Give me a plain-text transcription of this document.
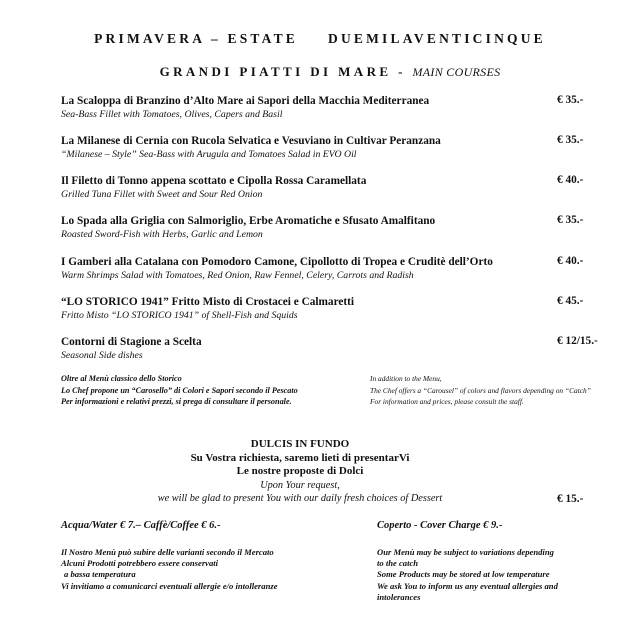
PRIMAVERA – ESTATE DUEMILAVENTICINQUE
GRANDI PIATTI DI MARE - MAIN COURSES
La Scaloppa di Branzino d’Alto Mare ai Sapori della Macchia Mediterranea
Sea-Bass Fillet with Tomatoes, Olives, Capers and Basil
€ 35.-
La Milanese di Cernia con Rucola Selvatica e Vesuviano in Cultivar Peranzana
“Milanese – Style” Sea-Bass with Arugula and Tomatoes Salad in EVO Oil
€ 35.-
Il Filetto di Tonno appena scottato e Cipolla Rossa Caramellata
Grilled Tuna Fillet with Sweet and Sour Red Onion
€ 40.-
Lo Spada alla Griglia con Salmoriglio, Erbe Aromatiche e Sfusato Amalfitano
Roasted Sword-Fish with Herbs, Garlic and Lemon
€ 35.-
I Gamberi alla Catalana con Pomodoro Camone, Cipollotto di Tropea e Cruditè dell’Orto
Warm Shrimps Salad with Tomatoes, Red Onion, Raw Fennel, Celery, Carrots and Radish
€ 40.-
“LO STORICO 1941” Fritto Misto di Crostacei e Calmaretti
Fritto Misto “LO STORICO 1941” of Shell-Fish and Squids
€ 45.-
Contorni di Stagione a Scelta
Seasonal Side dishes
€ 12/15.-
Oltre al Menù classico dello Storico
Lo Chef propone un “Carosello” di Colori e Sapori secondo il Pescato
Per informazioni e relativi prezzi, si prega di consultare il personale.
In addition to the Menu,
The Chef offers a “Carousel” of colors and flavors depending on “Catch”
For information and prices, please consult the staff.
DULCIS IN FUNDO
Su Vostra richiesta, saremo lieti di presentarVi
Le nostre proposte di Dolci
Upon Your request,
we will be glad to present You with our daily fresh choices of Dessert	€ 15.-
Acqua/Water € 7.– Caffè/Coffee € 6.-	Coperto - Cover Charge € 9.-
Il Nostro Menù può subire delle varianti secondo il Mercato
Alcuni Prodotti potrebbero essere conservati
a bassa temperatura
Vi invitiamo a comunicarci eventuali allergie e/o intolleranze
Our Menù may be subject to variations depending
to the catch
Some Products may be stored at low temperature
We ask You to inform us any eventual allergies and
intolerances
